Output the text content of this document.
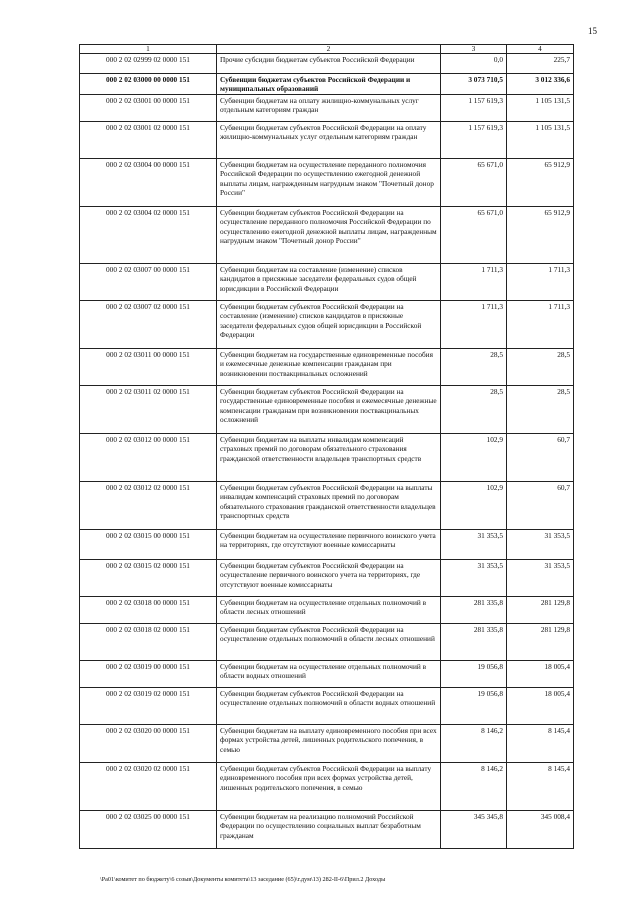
15
1	2	3	4
000 2 02 02999 02 0000 151	Прочие субсидии бюджетам субъектов Российской Федерации	0,0	225,7
000 2 02 03000 00 0000 151	Субвенции бюджетам субъектов Российской Федерации и муниципальных образований	3 073 710,5	3 012 336,6
000 2 02 03001 00 0000 151	Субвенции бюджетам на оплату жилищно-коммунальных услуг отдельным категориям граждан	1 157 619,3	1 105 131,5
000 2 02 03001 02 0000 151	Субвенции бюджетам субъектов Российской Федерации на оплату жилищно-коммунальных услуг отдельным категориям граждан	1 157 619,3	1 105 131,5
000 2 02 03004 00 0000 151	Субвенции бюджетам на осуществление переданного полномочия Российской Федерации по осуществлению ежегодной денежной выплаты лицам, награжденным нагрудным знаком "Почетный донор России"	65 671,0	65 912,9
000 2 02 03004 02 0000 151	Субвенции бюджетам субъектов Российской Федерации на осуществление переданного полномочия Российской Федерации по осуществлению ежегодной денежной выплаты лицам, награжденным нагрудным знаком "Почетный донор России"	65 671,0	65 912,9
000 2 02 03007 00 0000 151	Субвенции бюджетам на составление (изменение) списков кандидатов в присяжные заседатели федеральных судов общей юрисдикции в Российской Федерации	1 711,3	1 711,3
000 2 02 03007 02 0000 151	Субвенции бюджетам субъектов Российской Федерации на составление (изменение) списков кандидатов в присяжные заседатели федеральных судов общей юрисдикции в Российской Федерации	1 711,3	1 711,3
000 2 02 03011 00 0000 151	Субвенции бюджетам на государственные единовременные пособия и ежемесячные денежные компенсации гражданам при возникновении поствакцинальных осложнений	28,5	28,5
000 2 02 03011 02 0000 151	Субвенции бюджетам субъектов Российской Федерации на государственные единовременные пособия и ежемесячные денежные компенсации гражданам при возникновении поствакцинальных осложнений	28,5	28,5
000 2 02 03012 00 0000 151	Субвенции бюджетам на выплаты инвалидам компенсаций страховых премий по договорам обязательного страхования гражданской ответственности владельцев транспортных средств	102,9	60,7
000 2 02 03012 02 0000 151	Субвенции бюджетам субъектов Российской Федерации на выплаты инвалидам компенсаций страховых премий по договорам обязательного страхования гражданской ответственности владельцев транспортных средств	102,9	60,7
000 2 02 03015 00 0000 151	Субвенции бюджетам на осуществление первичного воинского учета на территориях, где отсутствуют военные комиссариаты	31 353,5	31 353,5
000 2 02 03015 02 0000 151	Субвенции бюджетам субъектов Российской Федерации на осуществление первичного воинского учета на территориях, где отсутствуют военные комиссариаты	31 353,5	31 353,5
000 2 02 03018 00 0000 151	Субвенции бюджетам на осуществление отдельных полномочий в области лесных отношений	281 335,8	281 129,8
000 2 02 03018 02 0000 151	Субвенции бюджетам субъектов Российской Федерации на осуществление отдельных полномочий в области лесных отношений	281 335,8	281 129,8
000 2 02 03019 00 0000 151	Субвенции бюджетам на осуществление отдельных полномочий в области водных отношений	19 056,8	18 005,4
000 2 02 03019 02 0000 151	Субвенции бюджетам субъектов Российской Федерации на осуществление отдельных полномочий в области водных отношений	19 056,8	18 005,4
000 2 02 03020 00 0000 151	Субвенции бюджетам на выплату единовременного пособия при всех формах устройства детей, лишенных родительского попечения, в семью	8 146,2	8 145,4
000 2 02 03020 02 0000 151	Субвенции бюджетам субъектов Российской Федерации на выплату единовременного пособия при всех формах устройства детей, лишенных родительского попечения, в семью	8 146,2	8 145,4
000 2 02 03025 00 0000 151	Субвенции бюджетам на реализацию полномочий Российской Федерации по осуществлению социальных выплат безработным гражданам	345 345,8	345 008,4
\Pa01\комитет по бюджету\6 созыв\Документы комитета\13 заседание (65)\г.дум\13) 282-II-6\Прил.2 Доходы
